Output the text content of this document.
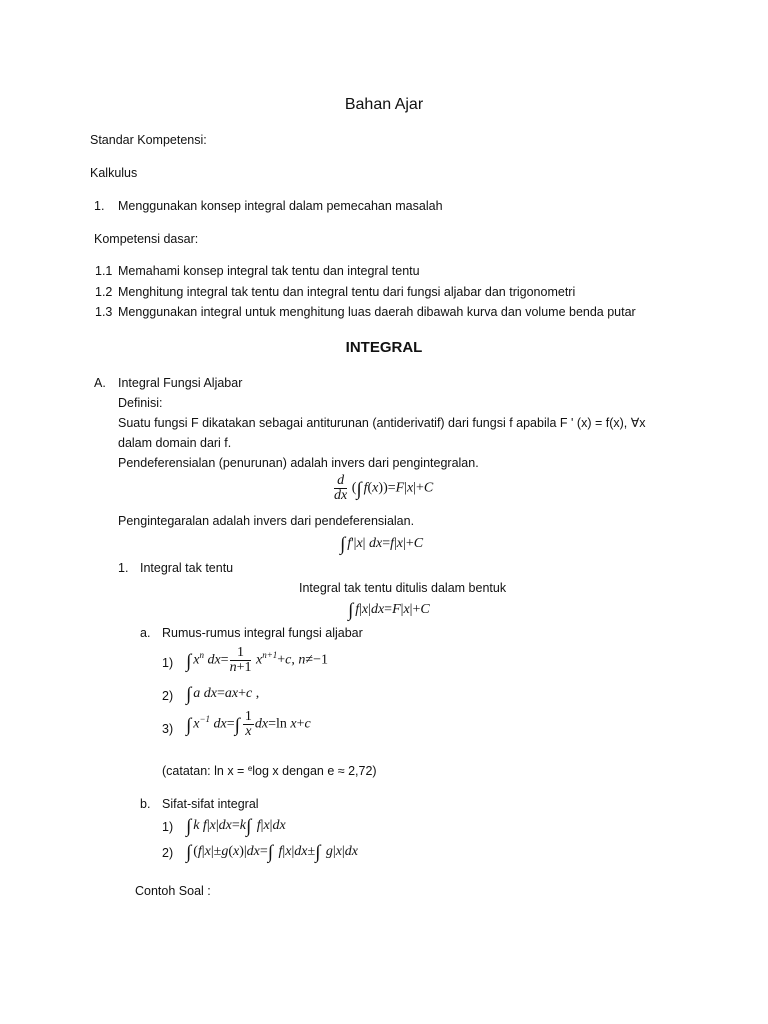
Bahan Ajar
Standar Kompetensi:
Kalkulus
1. Menggunakan konsep integral dalam pemecahan masalah
Kompetensi dasar:
1.1 Memahami konsep integral tak tentu dan integral tentu
1.2 Menghitung integral tak tentu dan integral tentu dari fungsi aljabar dan trigonometri
1.3 Menggunakan integral untuk menghitung luas daerah dibawah kurva dan volume benda putar
INTEGRAL
A. Integral Fungsi Aljabar
Definisi:
Suatu fungsi F dikatakan sebagai antiturunan (antiderivatif) dari fungsi f apabila F ' (x) = f(x), ∀x
dalam domain dari f.
Pendeferensialan (penurunan) adalah invers dari pengintegralan.
$\frac{d}{dx}$ (∫ f(x))=F|x|+C
Pengintegaralan adalah invers dari pendeferensialan.
∫ f'|x| dx=f|x|+C
1. Integral tak tentu
Integral tak tentu ditulis dalam bentuk
∫ f|x|dx=F|x|+C
a. Rumus-rumus integral fungsi aljabar
1) ∫ $x^n$ $dx= \frac{1}{n+1} x^{n+1}+c$, n≠−1
2) ∫ a dx=ax+c ,
3) ∫ $x^{-1}$ $dx=\int \frac{1}{x} dx=\ln$ x+c
(catatan: ln x = $^e$log x dengan e ≈ 2,72)
b. Sifat-sifat integral
1) ∫ k f|x|dx=k∫ f|x|dx
2) ∫ (f|x|±g(x)|dx=∫ f|x|dx±∫ g|x|dx
Contoh Soal :
